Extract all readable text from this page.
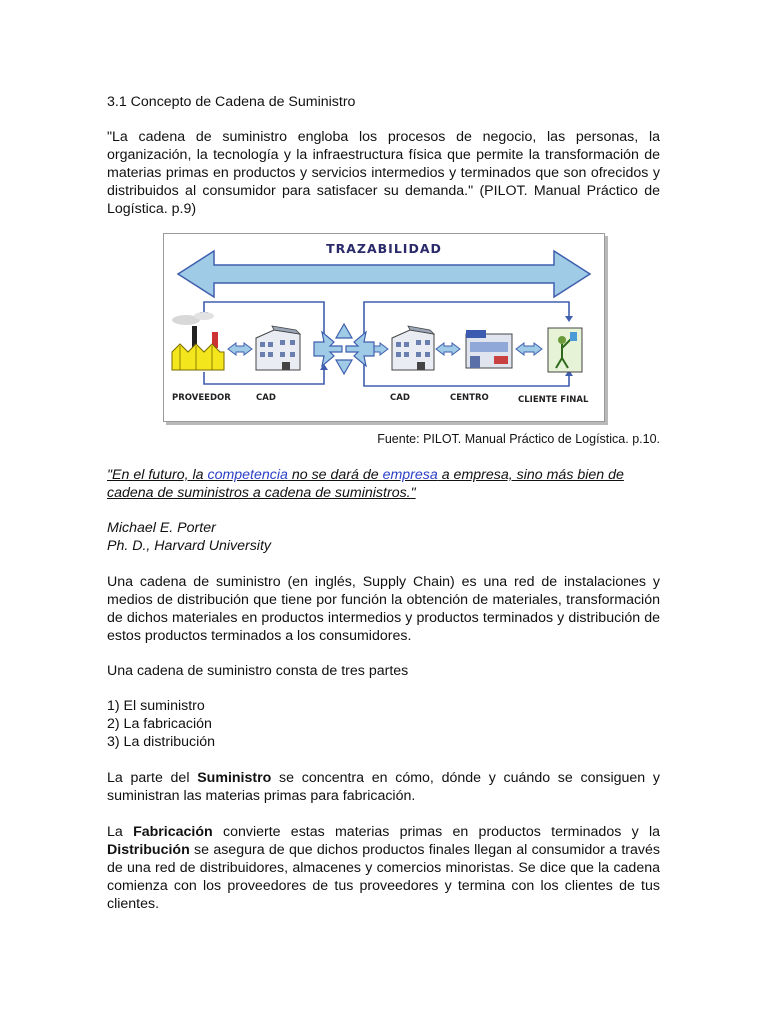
3.1 Concepto de Cadena de Suministro

"La cadena de suministro engloba los procesos de negocio, las personas, la organización, la tecnología y la infraestructura física que permite la transformación de materias primas en productos y servicios intermedios y terminados que son ofrecidos y distribuidos al consumidor para satisfacer su demanda." (PILOT. Manual Práctico de Logística. p.9)

TRAZABILIDAD
PROVEEDOR	CAD	CAD	CENTRO	CLIENTE FINAL
Fuente: PILOT. Manual Práctico de Logística. p.10.

"En el futuro, la competencia no se dará de empresa a empresa, sino más bien de cadena de suministros a cadena de suministros."

Michael E. Porter

Ph. D., Harvard University

Una cadena de suministro (en inglés, Supply Chain) es una red de instalaciones y medios de distribución que tiene por función la obtención de materiales, transformación de dichos materiales en productos intermedios y productos terminados y distribución de estos productos terminados a los consumidores.

Una cadena de suministro consta de tres partes

1) El suministro

2) La fabricación

3) La distribución

La parte del Suministro se concentra en cómo, dónde y cuándo se consiguen y suministran las materias primas para fabricación.

La Fabricación convierte estas materias primas en productos terminados y la Distribución se asegura de que dichos productos finales llegan al consumidor a través de una red de distribuidores, almacenes y comercios minoristas. Se dice que la cadena comienza con los proveedores de tus proveedores y termina con los clientes de tus clientes.
